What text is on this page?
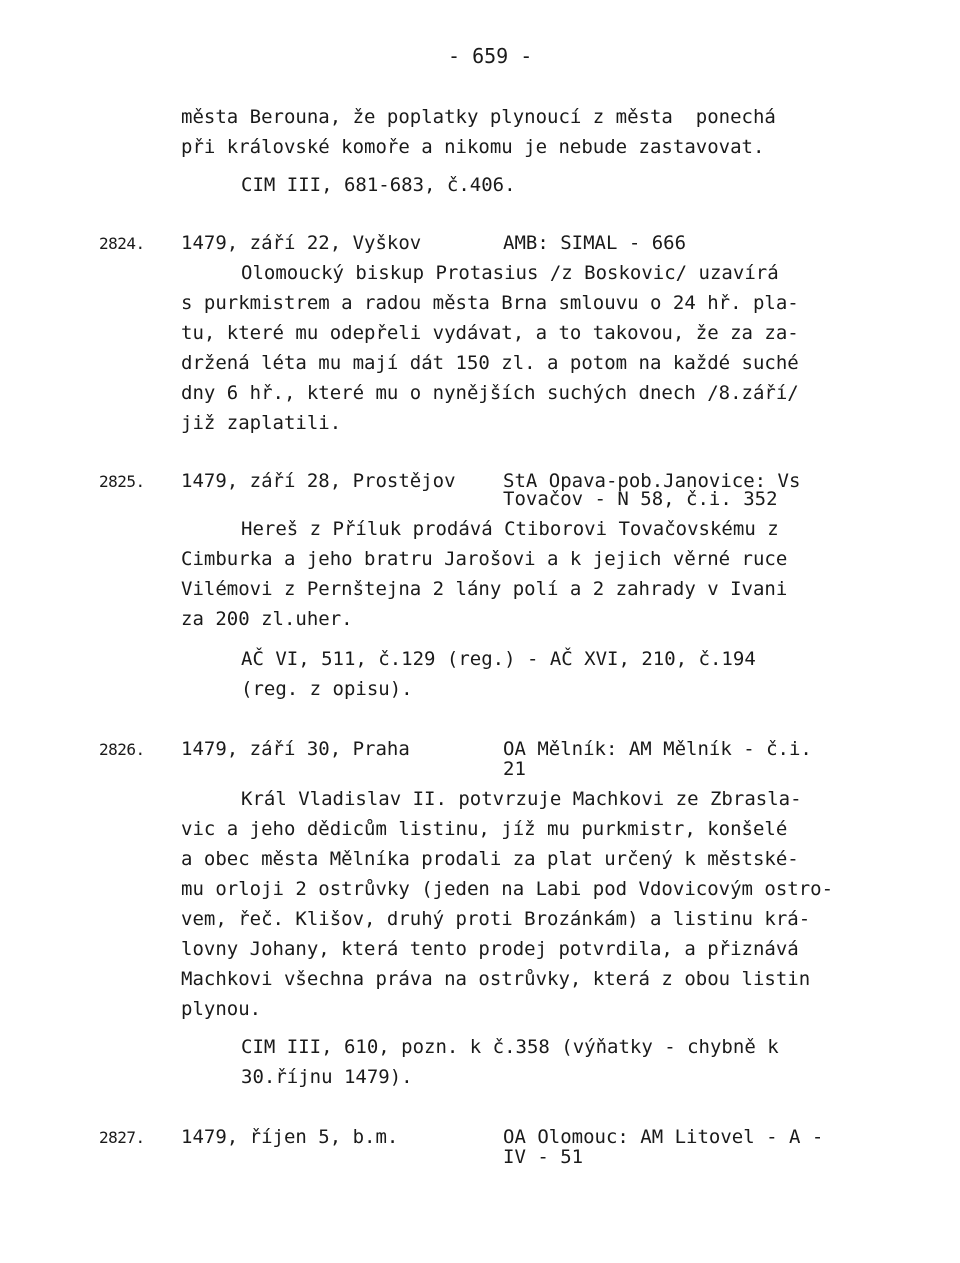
- 659 -
města Berouna, že poplatky plynoucí z města  ponechá
při královské komoře a nikomu je nebude zastavovat.
CIM III, 681-683, č.406.
2824. 1479, září 22, Vyškov	AMB: SIMAL - 666
Olomoucký biskup Protasius /z Boskovic/ uzavírá
s purkmistrem a radou města Brna smlouvu o 24 hř. pla-
tu, které mu odepřeli vydávat, a to takovou, že za za-
držená léta mu mají dát 150 zl. a potom na každé suché
dny 6 hř., které mu o nynějších suchých dnech /8.září/
již zaplatili.
2825. 1479, září 28, Prostějov StA Opava-pob.Janovice: Vs
Tovačov - N 58, č.i. 352
Hereš z Příluk prodává Ctiborovi Tovačovskému z
Cimburka a jeho bratru Jarošovi a k jejich věrné ruce
Vilémovi z Pernštejna 2 lány polí a 2 zahrady v Ivani
za 200 zl.uher.
AČ VI, 511, č.129 (reg.) - AČ XVI, 210, č.194
(reg. z opisu).
2826. 1479, září 30, Praha	OA Mělník: AM Mělník - č.i.
21
Král Vladislav II. potvrzuje Machkovi ze Zbrasla-
vic a jeho dědicům listinu, jíž mu purkmistr, konšelé
a obec města Mělníka prodali za plat určený k městské-
mu orloji 2 ostrůvky (jeden na Labi pod Vdovicovým ostro-
vem, řeč. Klišov, druhý proti Brozánkám) a listinu krá-
lovny Johany, která tento prodej potvrdila, a přiznává
Machkovi všechna práva na ostrůvky, která z obou listin
plynou.
CIM III, 610, pozn. k č.358 (výňatky - chybně k
30.říjnu 1479).
2827. 1479, říjen 5, b.m.	OA Olomouc: AM Litovel - A -
IV - 51
